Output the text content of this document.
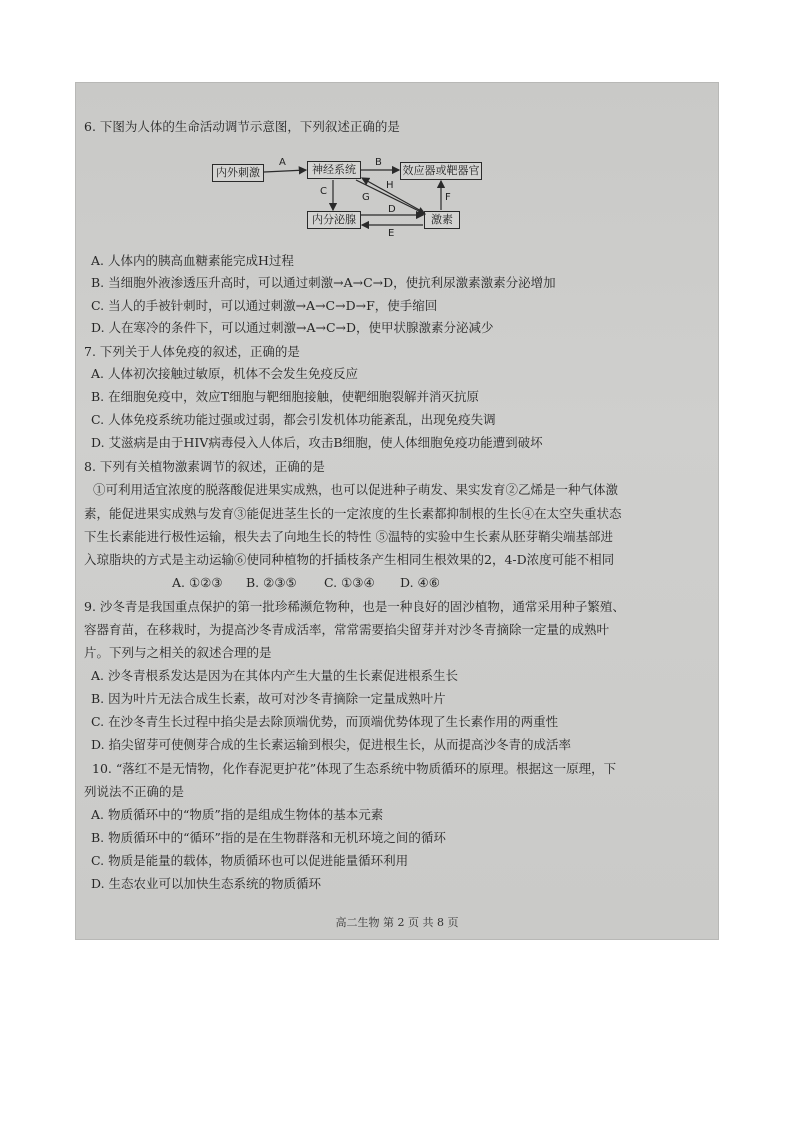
6. 下图为人体的生命活动调节示意图，下列叙述正确的是
内外刺激	神经系统	效应器或靶器官
内分泌腺	激素
A	B
C
H
G
D
E
F
A. 人体内的胰高血糖素能完成H过程
B. 当细胞外液渗透压升高时，可以通过刺激→A→C→D，使抗利尿激素激素分泌增加
C. 当人的手被针刺时，可以通过刺激→A→C→D→F，使手缩回
D. 人在寒冷的条件下，可以通过刺激→A→C→D，使甲状腺激素分泌减少
7. 下列关于人体免疫的叙述，正确的是
A. 人体初次接触过敏原，机体不会发生免疫反应
B. 在细胞免疫中，效应T细胞与靶细胞接触，使靶细胞裂解并消灭抗原
C. 人体免疫系统功能过强或过弱，都会引发机体功能紊乱，出现免疫失调
D. 艾滋病是由于HIV病毒侵入人体后，攻击B细胞，使人体细胞免疫功能遭到破坏
8. 下列有关植物激素调节的叙述，正确的是
①可利用适宜浓度的脱落酸促进果实成熟，也可以促进种子萌发、果实发育②乙烯是一种气体激
素，能促进果实成熟与发育③能促进茎生长的一定浓度的生长素都抑制根的生长④在太空失重状态
下生长素能进行极性运输，根失去了向地生长的特性 ⑤温特的实验中生长素从胚芽鞘尖端基部进
入琼脂块的方式是主动运输⑥使同种植物的扦插枝条产生相同生根效果的2，4-D浓度可能不相同
A. ①②③ B. ②③⑤ C. ①③④ D. ④⑥
9. 沙冬青是我国重点保护的第一批珍稀濒危物种，也是一种良好的固沙植物，通常采用种子繁殖、
容器育苗，在移栽时，为提高沙冬青成活率，常常需要掐尖留芽并对沙冬青摘除一定量的成熟叶
片。下列与之相关的叙述合理的是
A. 沙冬青根系发达是因为在其体内产生大量的生长素促进根系生长
B. 因为叶片无法合成生长素，故可对沙冬青摘除一定量成熟叶片
C. 在沙冬青生长过程中掐尖是去除顶端优势，而顶端优势体现了生长素作用的两重性
D. 掐尖留芽可使侧芽合成的生长素运输到根尖，促进根生长，从而提高沙冬青的成活率
10. “落红不是无情物，化作春泥更护花”体现了生态系统中物质循环的原理。根据这一原理，下
列说法不正确的是
A. 物质循环中的“物质”指的是组成生物体的基本元素
B. 物质循环中的“循环”指的是在生物群落和无机环境之间的循环
C. 物质是能量的载体，物质循环也可以促进能量循环利用
D. 生态农业可以加快生态系统的物质循环
高二生物 第 2 页 共 8 页
